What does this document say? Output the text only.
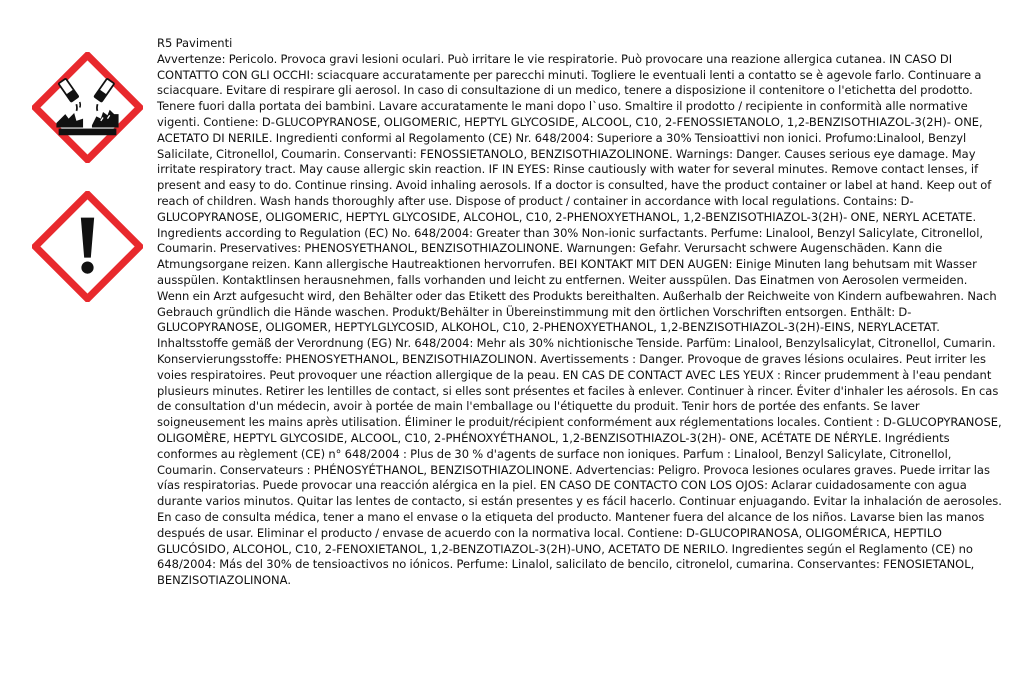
R5 Pavimenti
Avvertenze: Pericolo. Provoca gravi lesioni oculari. Può irritare le vie respiratorie. Può provocare una reazione allergica cutanea. IN CASO DI CONTATTO CON GLI OCCHI: sciacquare accuratamente per parecchi minuti. Togliere le eventuali lenti a contatto se è agevole farlo. Continuare a sciacquare. Evitare di respirare gli aerosol. In caso di consultazione di un medico, tenere a disposizione il contenitore o l'etichetta del prodotto. Tenere fuori dalla portata dei bambini. Lavare accuratamente le mani dopo l`uso. Smaltire il prodotto / recipiente in conformità alle normative vigenti. Contiene: D-GLUCOPYRANOSE, OLIGOMERIC, HEPTYL GLYCOSIDE, ALCOOL, C10, 2-FENOSSIETANOLO, 1,2-BENZISOTHIAZOL-3(2H)- ONE, ACETATO DI NERILE. Ingredienti conformi al Regolamento (CE) Nr. 648/2004: Superiore a 30% Tensioattivi non ionici. Profumo:Linalool, Benzyl Salicilate, Citronellol, Coumarin. Conservanti: FENOSSIETANOLO, BENZISOTHIAZOLINONE. Warnings: Danger. Causes serious eye damage. May irritate respiratory tract. May cause allergic skin reaction. IF IN EYES: Rinse cautiously with water for several minutes. Remove contact lenses, if present and easy to do. Continue rinsing. Avoid inhaling aerosols. If a doctor is consulted, have the product container or label at hand. Keep out of reach of children. Wash hands thoroughly after use. Dispose of product / container in accordance with local regulations. Contains: D-GLUCOPYRANOSE, OLIGOMERIC, HEPTYL GLYCOSIDE, ALCOHOL, C10, 2-PHENOXYETHANOL, 1,2-BENZISOTHIAZOL-3(2H)- ONE, NERYL ACETATE. Ingredients according to Regulation (EC) No. 648/2004: Greater than 30% Non-ionic surfactants. Perfume: Linalool, Benzyl Salicylate, Citronellol, Coumarin. Preservatives: PHENOSYETHANOL, BENZISOTHIAZOLINONE. Warnungen: Gefahr. Verursacht schwere Augenschäden. Kann die Atmungsorgane reizen. Kann allergische Hautreaktionen hervorrufen. BEI KONTAKT MIT DEN AUGEN: Einige Minuten lang behutsam mit Wasser ausspülen. Kontaktlinsen herausnehmen, falls vorhanden und leicht zu entfernen. Weiter ausspülen. Das Einatmen von Aerosolen vermeiden. Wenn ein Arzt aufgesucht wird, den Behälter oder das Etikett des Produkts bereithalten. Außerhalb der Reichweite von Kindern aufbewahren. Nach Gebrauch gründlich die Hände waschen. Produkt/Behälter in Übereinstimmung mit den örtlichen Vorschriften entsorgen. Enthält: D-GLUCOPYRANOSE, OLIGOMER, HEPTYLGLYCOSID, ALKOHOL, C10, 2-PHENOXYETHANOL, 1,2-BENZISOTHIAZOL-3(2H)-EINS, NERYLACETAT. Inhaltsstoffe gemäß der Verordnung (EG) Nr. 648/2004: Mehr als 30% nichtionische Tenside. Parfüm: Linalool, Benzylsalicylat, Citronellol, Cumarin. Konservierungsstoffe: PHENOSYETHANOL, BENZISOTHIAZOLINON. Avertissements : Danger. Provoque de graves lésions oculaires. Peut irriter les voies respiratoires. Peut provoquer une réaction allergique de la peau. EN CAS DE CONTACT AVEC LES YEUX : Rincer prudemment à l'eau pendant plusieurs minutes. Retirer les lentilles de contact, si elles sont présentes et faciles à enlever. Continuer à rincer. Éviter d'inhaler les aérosols. En cas de consultation d'un médecin, avoir à portée de main l'emballage ou l'étiquette du produit. Tenir hors de portée des enfants. Se laver soigneusement les mains après utilisation. Éliminer le produit/récipient conformément aux réglementations locales. Contient : D-GLUCOPYRANOSE, OLIGOMÈRE, HEPTYL GLYCOSIDE, ALCOOL, C10, 2-PHÉNOXYÉTHANOL, 1,2-BENZISOTHIAZOL-3(2H)- ONE, ACÉTATE DE NÉRYLE. Ingrédients conformes au règlement (CE) n° 648/2004 : Plus de 30 % d'agents de surface non ioniques. Parfum : Linalool, Benzyl Salicylate, Citronellol, Coumarin. Conservateurs : PHÉNOSYÉTHANOL, BENZISOTHIAZOLINONE. Advertencias: Peligro. Provoca lesiones oculares graves. Puede irritar las vías respiratorias. Puede provocar una reacción alérgica en la piel. EN CASO DE CONTACTO CON LOS OJOS: Aclarar cuidadosamente con agua durante varios minutos. Quitar las lentes de contacto, si están presentes y es fácil hacerlo. Continuar enjuagando. Evitar la inhalación de aerosoles. En caso de consulta médica, tener a mano el envase o la etiqueta del producto. Mantener fuera del alcance de los niños. Lavarse bien las manos después de usar. Eliminar el producto / envase de acuerdo con la normativa local. Contiene: D-GLUCOPIRANOSA, OLIGOMÉRICA, HEPTILO GLUCÓSIDO, ALCOHOL, C10, 2-FENOXIETANOL, 1,2-BENZOTIAZOL-3(2H)-UNO, ACETATO DE NERILO. Ingredientes según el Reglamento (CE) no 648/2004: Más del 30% de tensioactivos no iónicos. Perfume: Linalol, salicilato de bencilo, citronelol, cumarina. Conservantes: FENOSIETANOL, BENZISOTIAZOLINONA.
